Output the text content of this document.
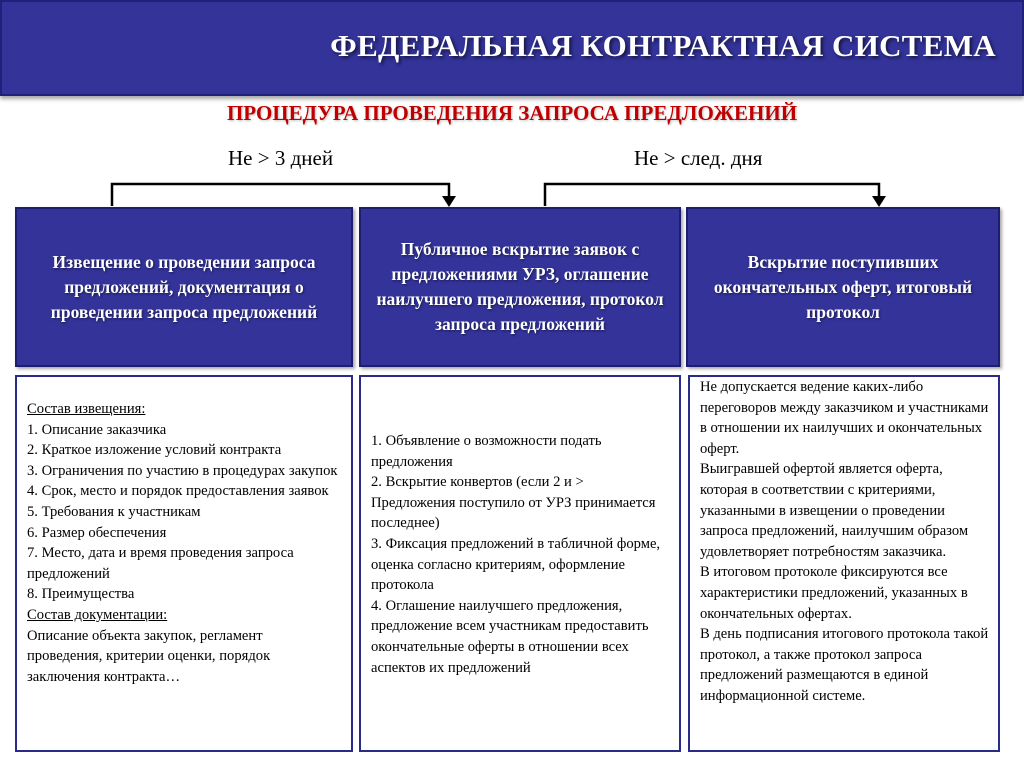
ФЕДЕРАЛЬНАЯ КОНТРАКТНАЯ СИСТЕМА
ПРОЦЕДУРА ПРОВЕДЕНИЯ ЗАПРОСА ПРЕДЛОЖЕНИЙ
Не > 3 дней	Не > след. дня
Извещение о проведении запроса предложений, документация о проведении запроса предложений
Публичное вскрытие заявок с предложениями УРЗ, оглашение наилучшего предложения, протокол запроса предложений
Вскрытие поступивших окончательных оферт, итоговый протокол
Состав извещения:
1. Описание заказчика
2. Краткое изложение условий контракта
3. Ограничения по участию в процедурах закупок
4. Срок, место и порядок предоставления заявок
5. Требования к участникам
6. Размер обеспечения
7. Место, дата и время проведения запроса предложений
8. Преимущества
Состав документации:
Описание объекта закупок, регламент проведения, критерии оценки, порядок заключения контракта…
1. Объявление о возможности подать предложения
2. Вскрытие конвертов (если 2 и > Предложения поступило от УРЗ принимается последнее)
3. Фиксация предложений в табличной форме, оценка согласно критериям, оформление протокола
4. Оглашение наилучшего предложения, предложение всем участникам предоставить окончательные оферты в отношении всех аспектов их предложений
Не допускается ведение каких-либо переговоров между заказчиком и участниками в отношении их наилучших и окончательных оферт.
Выигравшей офертой является оферта, которая в соответствии с критериями, указанными в извещении о проведении запроса предложений, наилучшим образом удовлетворяет потребностям заказчика.
В итоговом протоколе фиксируются все характеристики предложений, указанных в окончательных офертах.
В день подписания итогового протокола такой протокол, а также протокол запроса предложений размещаются в единой информационной системе.
